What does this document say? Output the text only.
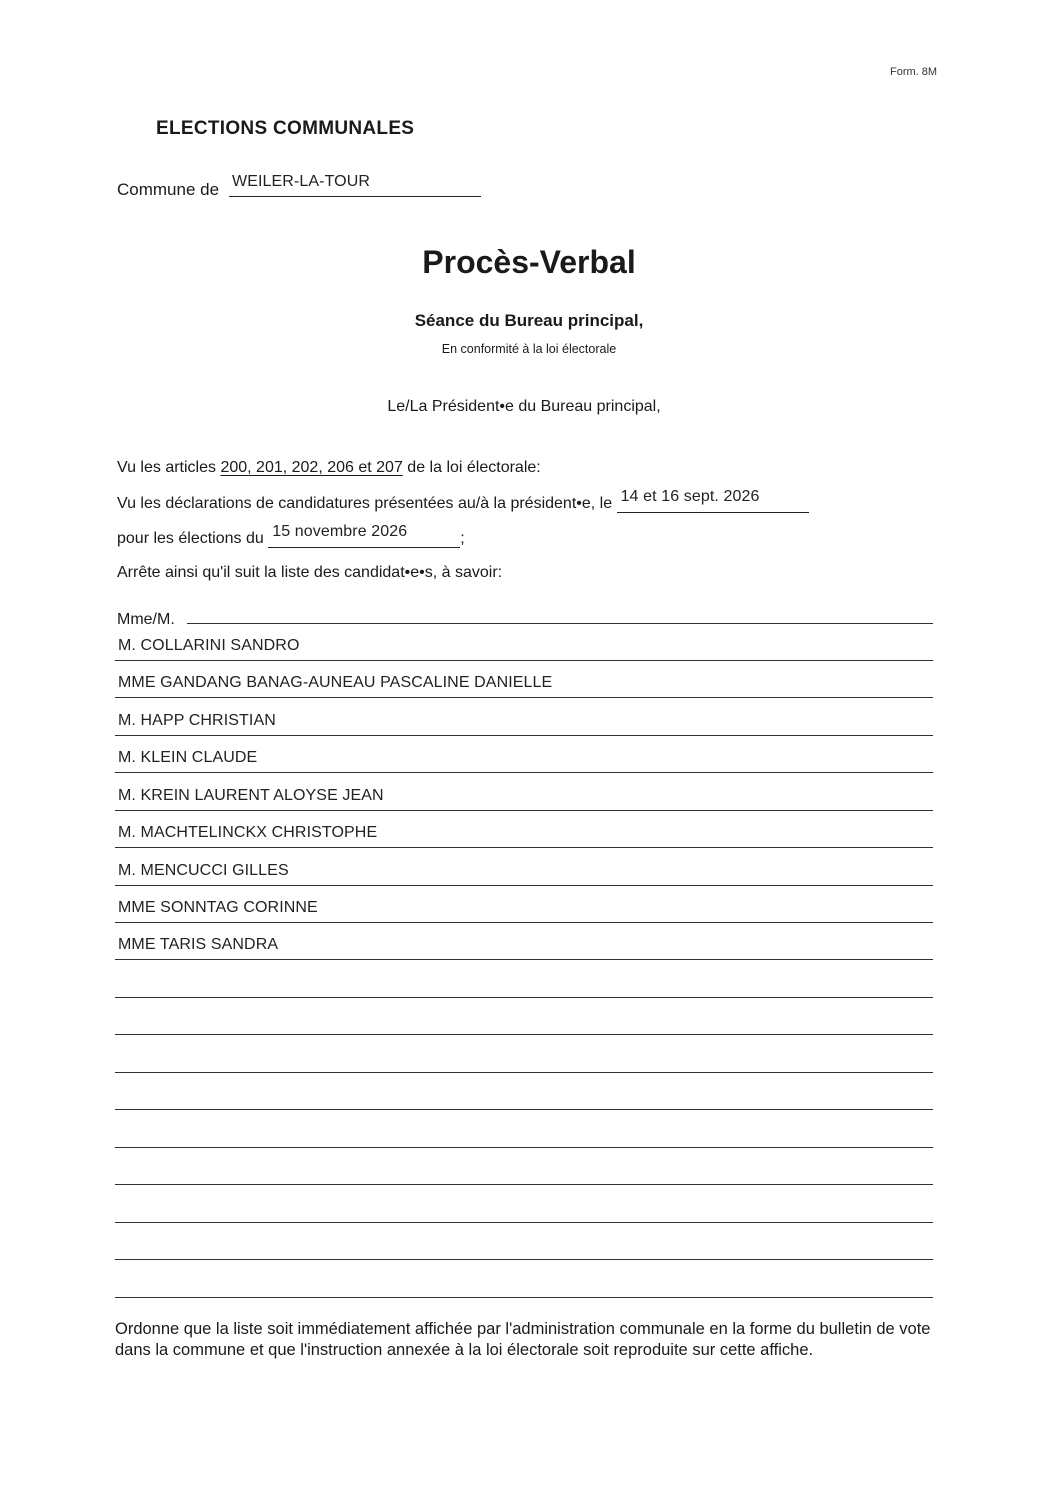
Form. 8M
ELECTIONS COMMUNALES
Commune de WEILER-LA-TOUR
Procès-Verbal
Séance du Bureau principal,
En conformité à la loi électorale
Le/La Président•e du Bureau principal,
Vu les articles 200, 201, 202, 206 et 207 de la loi électorale:
Vu les déclarations de candidatures présentées au/à la président•e, le 14 et 16 sept. 2026
pour les élections du 15 novembre 2026	;
Arrête ainsi qu'il suit la liste des candidat•e•s, à savoir:
Mme/M.
M. COLLARINI SANDRO
MME GANDANG BANAG-AUNEAU PASCALINE DANIELLE
M. HAPP CHRISTIAN
M. KLEIN CLAUDE
M. KREIN LAURENT ALOYSE JEAN
M. MACHTELINCKX CHRISTOPHE
M. MENCUCCI GILLES
MME SONNTAG CORINNE
MME TARIS SANDRA
Ordonne que la liste soit immédiatement affichée par l'administration communale en la forme du bulletin de vote dans la commune et que l'instruction annexée à la loi électorale soit reproduite sur cette affiche.
